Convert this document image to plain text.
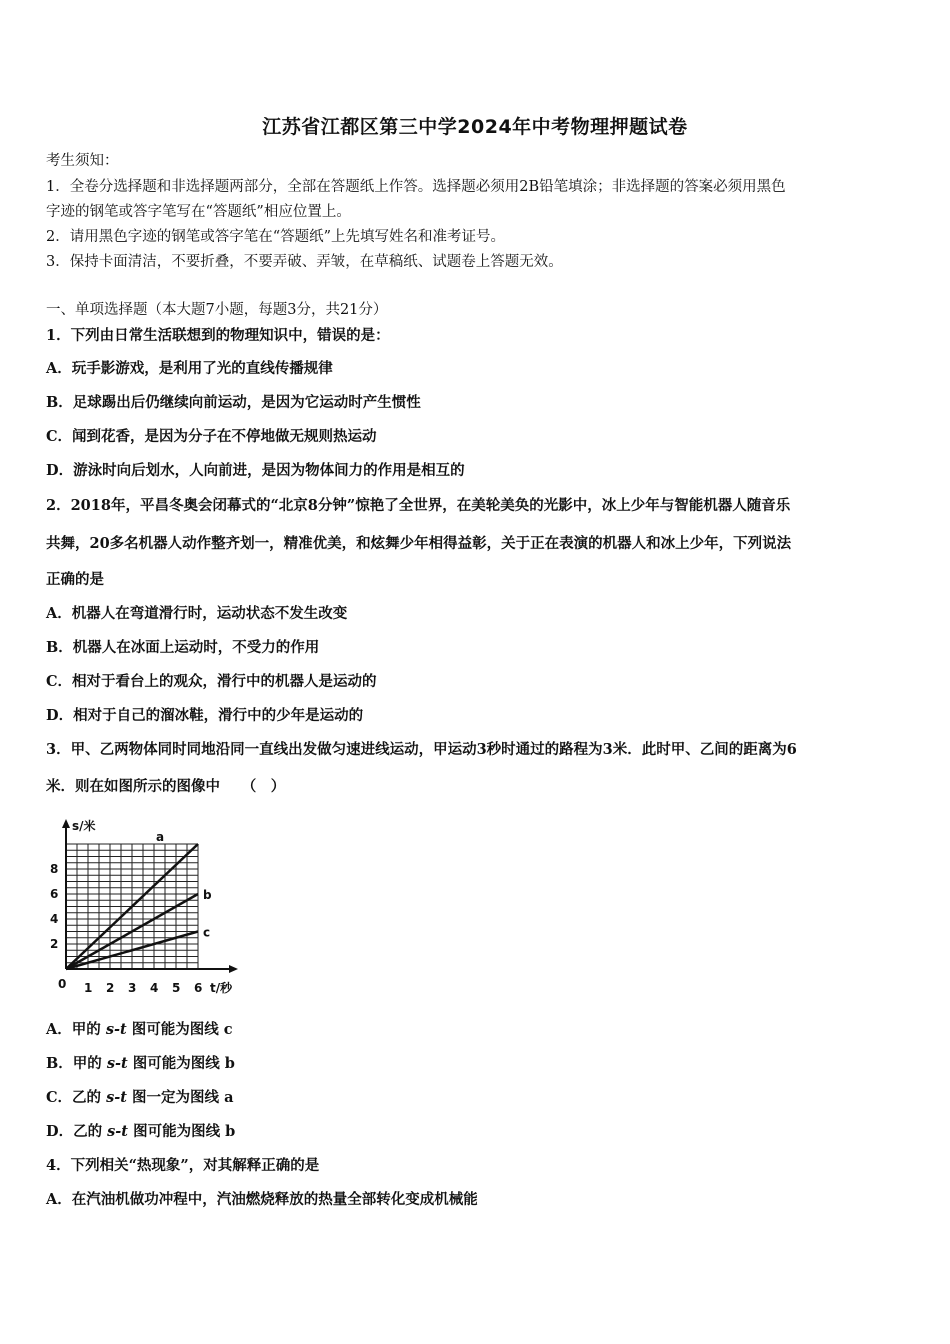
江苏省江都区第三中学2024年中考物理押题试卷
考生须知：
1．全卷分选择题和非选择题两部分，全部在答题纸上作答。选择题必须用2B铅笔填涂；非选择题的答案必须用黑色
字迹的钢笔或答字笔写在“答题纸”相应位置上。
2．请用黑色字迹的钢笔或答字笔在“答题纸”上先填写姓名和准考证号。
3．保持卡面清洁，不要折叠，不要弄破、弄皱，在草稿纸、试题卷上答题无效。
一、单项选择题（本大题7小题，每题3分，共21分）
1．下列由日常生活联想到的物理知识中，错误的是：
A．玩手影游戏，是利用了光的直线传播规律
B．足球踢出后仍继续向前运动，是因为它运动时产生惯性
C．闻到花香，是因为分子在不停地做无规则热运动
D．游泳时向后划水，人向前进，是因为物体间力的作用是相互的
2．2018年，平昌冬奥会闭幕式的“北京8分钟”惊艳了全世界，在美轮美奂的光影中，冰上少年与智能机器人随音乐
共舞，20多名机器人动作整齐划一，精准优美，和炫舞少年相得益彰，关于正在表演的机器人和冰上少年，下列说法
正确的是
A．机器人在弯道滑行时，运动状态不发生改变
B．机器人在冰面上运动时，不受力的作用
C．相对于看台上的观众，滑行中的机器人是运动的
D．相对于自己的溜冰鞋，滑行中的少年是运动的
3．甲、乙两物体同时同地沿同一直线出发做匀速进线运动，甲运动3秒时通过的路程为3米．此时甲、乙间的距离为6
米．则在如图所示的图像中　　（　）
a
b
c
s/米
t/秒
0
2
4
6
8
1 2 3 4 5 6
A．甲的 s-t 图可能为图线 c
B．甲的 s-t 图可能为图线 b
C．乙的 s-t 图一定为图线 a
D．乙的 s-t 图可能为图线 b
4．下列相关“热现象”，对其解释正确的是
A．在汽油机做功冲程中，汽油燃烧释放的热量全部转化变成机械能
